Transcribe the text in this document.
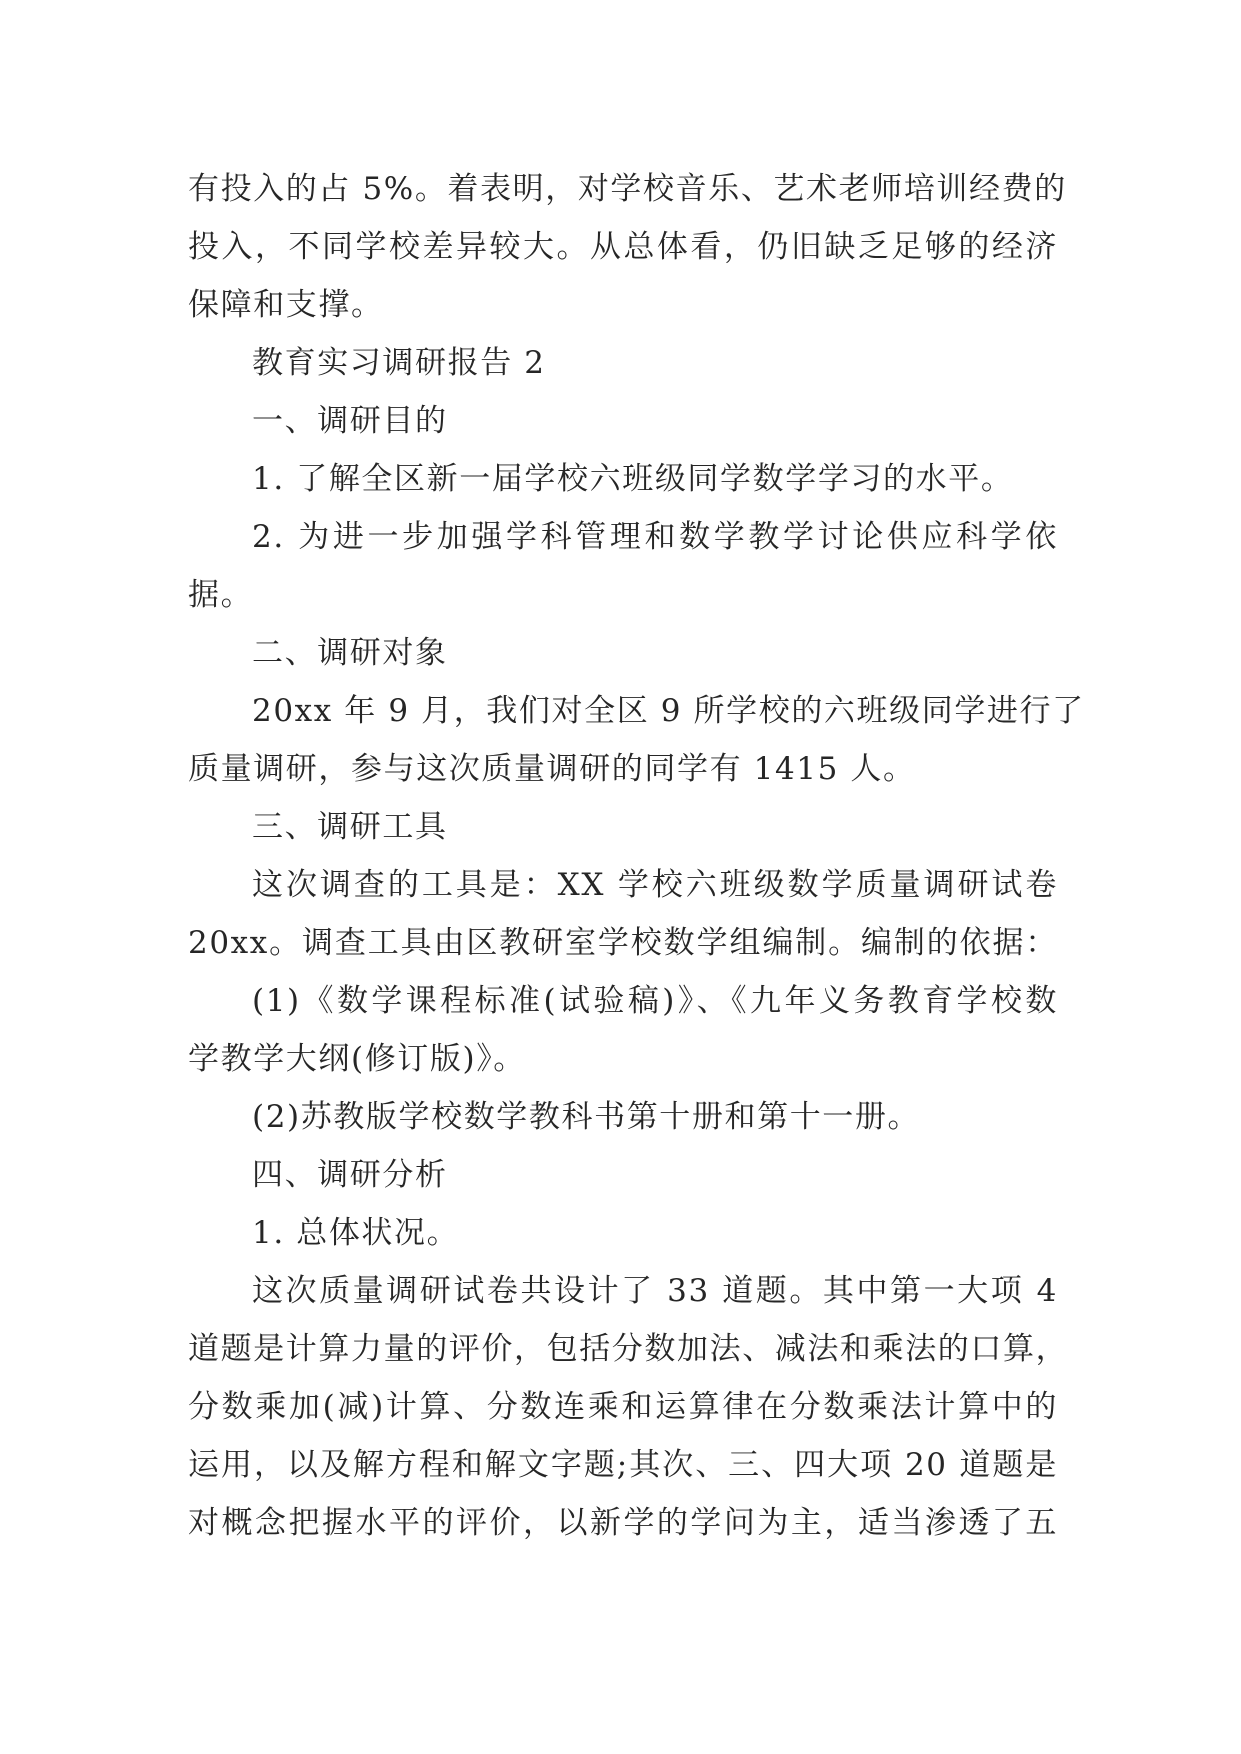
有投入的占 5%。着表明，对学校音乐、艺术老师培训经费的
投入，不同学校差异较大。从总体看，仍旧缺乏足够的经济
保障和支撑。
教育实习调研报告 2
一、调研目的
1. 了解全区新一届学校六班级同学数学学习的水平。
2. 为进一步加强学科管理和数学教学讨论供应科学依
据。
二、调研对象
20xx 年 9 月，我们对全区 9 所学校的六班级同学进行了
质量调研，参与这次质量调研的同学有 1415 人。
三、调研工具
这次调查的工具是：XX 学校六班级数学质量调研试卷
20xx。调查工具由区教研室学校数学组编制。编制的依据：
(1)《数学课程标准(试验稿)》、《九年义务教育学校数
学教学大纲(修订版)》。
(2)苏教版学校数学教科书第十册和第十一册。
四、调研分析
1. 总体状况。
这次质量调研试卷共设计了 33 道题。其中第一大项 4
道题是计算力量的评价，包括分数加法、减法和乘法的口算，
分数乘加(减)计算、分数连乘和运算律在分数乘法计算中的
运用，以及解方程和解文字题;其次、三、四大项 20 道题是
对概念把握水平的评价，以新学的学问为主，适当渗透了五
